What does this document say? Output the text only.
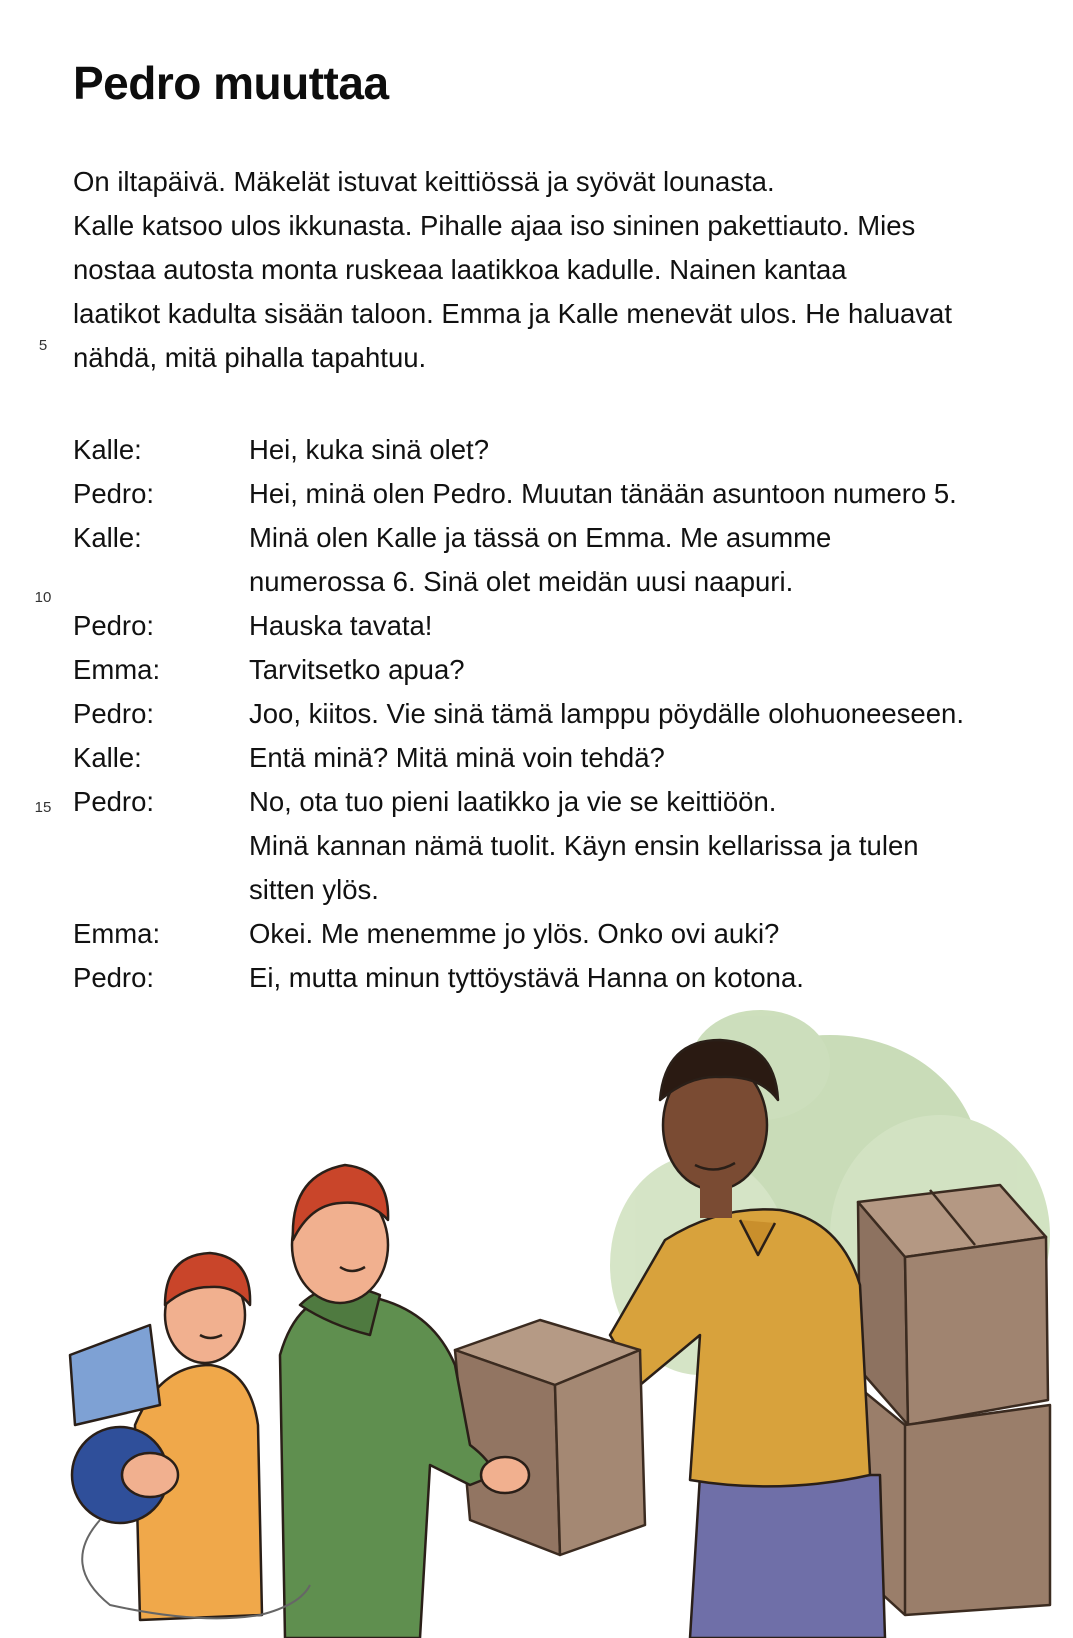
Pedro muuttaa
On iltapäivä. Mäkelät istuvat keittiössä ja syövät lounasta.
Kalle katsoo ulos ikkunasta. Pihalle ajaa iso sininen pakettiauto. Mies
nostaa autosta monta ruskeaa laatikkoa kadulle. Nainen kantaa
laatikot kadulta sisään taloon. Emma ja Kalle menevät ulos. He haluavat
nähdä, mitä pihalla tapahtuu.
5
10
15
Kalle:	Hei, kuka sinä olet?
Pedro:	Hei, minä olen Pedro. Muutan tänään asuntoon numero 5.
Kalle:	Minä olen Kalle ja tässä on Emma. Me asumme
numerossa 6. Sinä olet meidän uusi naapuri.
Pedro:	Hauska tavata!
Emma:	Tarvitsetko apua?
Pedro:	Joo, kiitos. Vie sinä tämä lamppu pöydälle olohuoneeseen.
Kalle:	Entä minä? Mitä minä voin tehdä?
Pedro:	No, ota tuo pieni laatikko ja vie se keittiöön.
Minä kannan nämä tuolit. Käyn ensin kellarissa ja tulen
sitten ylös.
Emma:	Okei. Me menemme jo ylös. Onko ovi auki?
Pedro:	Ei, mutta minun tyttöystävä Hanna on kotona.
